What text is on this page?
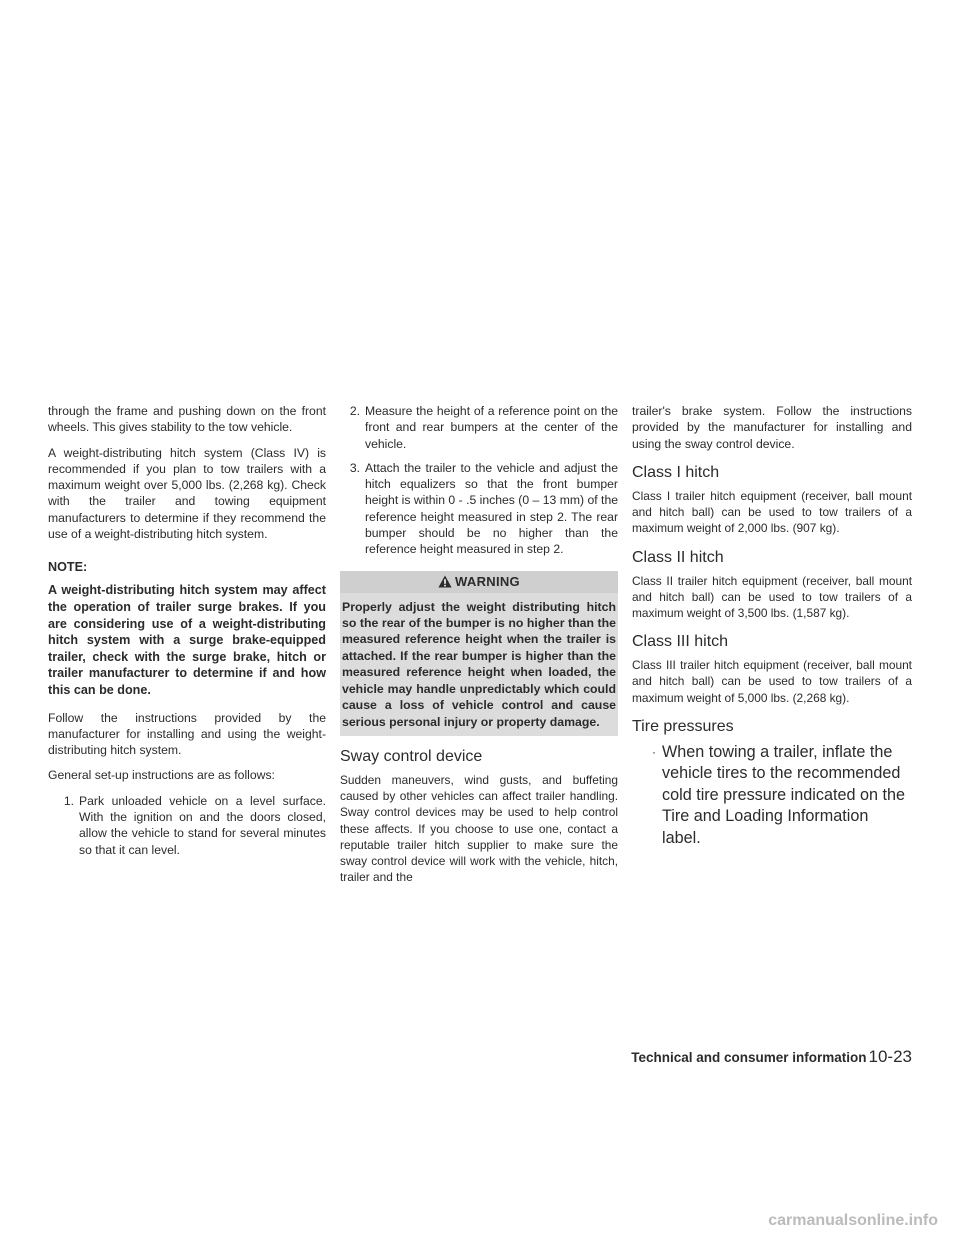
through the frame and pushing down on the front wheels. This gives stability to the tow vehicle.

A weight-distributing hitch system (Class IV) is recommended if you plan to tow trailers with a maximum weight over 5,000 lbs. (2,268 kg). Check with the trailer and towing equipment manufacturers to determine if they recommend the use of a weight-distributing hitch system.

NOTE:

A weight-distributing hitch system may affect the operation of trailer surge brakes. If you are considering use of a weight-distributing hitch system with a surge brake-equipped trailer, check with the surge brake, hitch or trailer manufacturer to determine if and how this can be done.

Follow the instructions provided by the manufacturer for installing and using the weight-distributing hitch system.

General set-up instructions are as follows:

1. Park unloaded vehicle on a level surface. With the ignition on and the doors closed, allow the vehicle to stand for several minutes so that it can level.
2. Measure the height of a reference point on the front and rear bumpers at the center of the vehicle.
3. Attach the trailer to the vehicle and adjust the hitch equalizers so that the front bumper height is within 0 - .5 inches (0 – 13 mm) of the reference height measured in step 2. The rear bumper should be no higher than the reference height measured in step 2.
WARNING

Properly adjust the weight distributing hitch so the rear of the bumper is no higher than the measured reference height when the trailer is attached. If the rear bumper is higher than the measured reference height when loaded, the vehicle may handle unpredictably which could cause a loss of vehicle control and cause serious personal injury or property damage.

Sway control device

Sudden maneuvers, wind gusts, and buffeting caused by other vehicles can affect trailer handling. Sway control devices may be used to help control these affects. If you choose to use one, contact a reputable trailer hitch supplier to make sure the sway control device will work with the vehicle, hitch, trailer and the

trailer's brake system. Follow the instructions provided by the manufacturer for installing and using the sway control device.

Class I hitch

Class I trailer hitch equipment (receiver, ball mount and hitch ball) can be used to tow trailers of a maximum weight of 2,000 lbs. (907 kg).

Class II hitch

Class II trailer hitch equipment (receiver, ball mount and hitch ball) can be used to tow trailers of a maximum weight of 3,500 lbs. (1,587 kg).

Class III hitch

Class III trailer hitch equipment (receiver, ball mount and hitch ball) can be used to tow trailers of a maximum weight of 5,000 lbs. (2,268 kg).

Tire pressures
· When towing a trailer, inflate the vehicle tires to the recommended cold tire pressure indicated on the Tire and Loading Information label.
Technical and consumer information 10-23
carmanualsonline.info
